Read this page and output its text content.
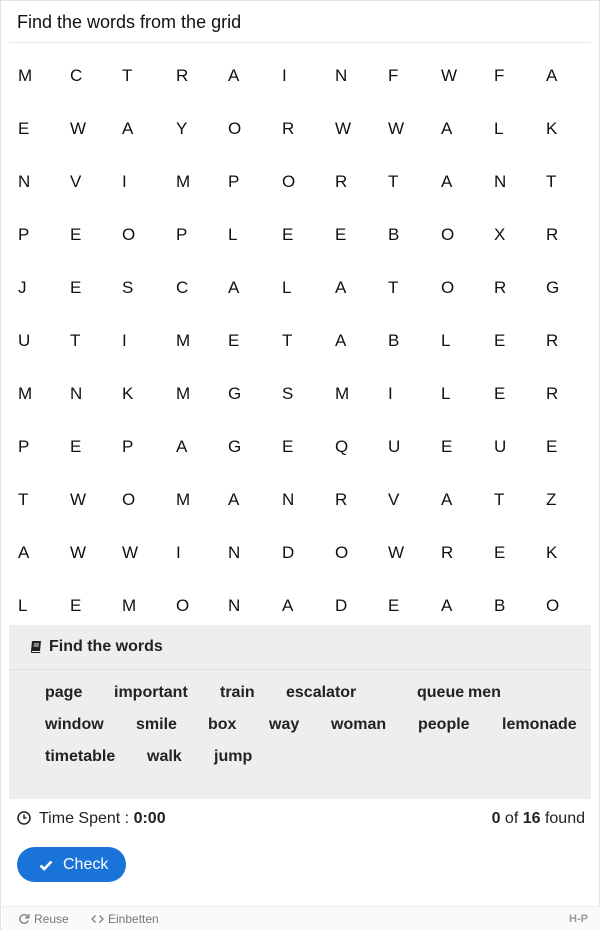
Find the words from the grid
M	C	T	R	A	I	N	F	W	F	A
E	W	A	Y	O	R	W	W	A	L	K
N	V	I	M	P	O	R	T	A	N	T
P	E	O	P	L	E	E	B	O	X	R
J	E	S	C	A	L	A	T	O	R	G
U	T	I	M	E	T	A	B	L	E	R
M	N	K	M	G	S	M	I	L	E	R
P	E	P	A	G	E	Q	U	E	U	E
T	W	O	M	A	N	R	V	A	T	Z
A	W	W	I	N	D	O	W	R	E	K
L	E	M	O	N	A	D	E	A	B	O
Find the words
page important train escalator	queue men
window smile box way woman people lemonade
timetable walk jump
Time Spent : 0:00	0 of 16 found
Check
Reuse	Einbetten	H-P
